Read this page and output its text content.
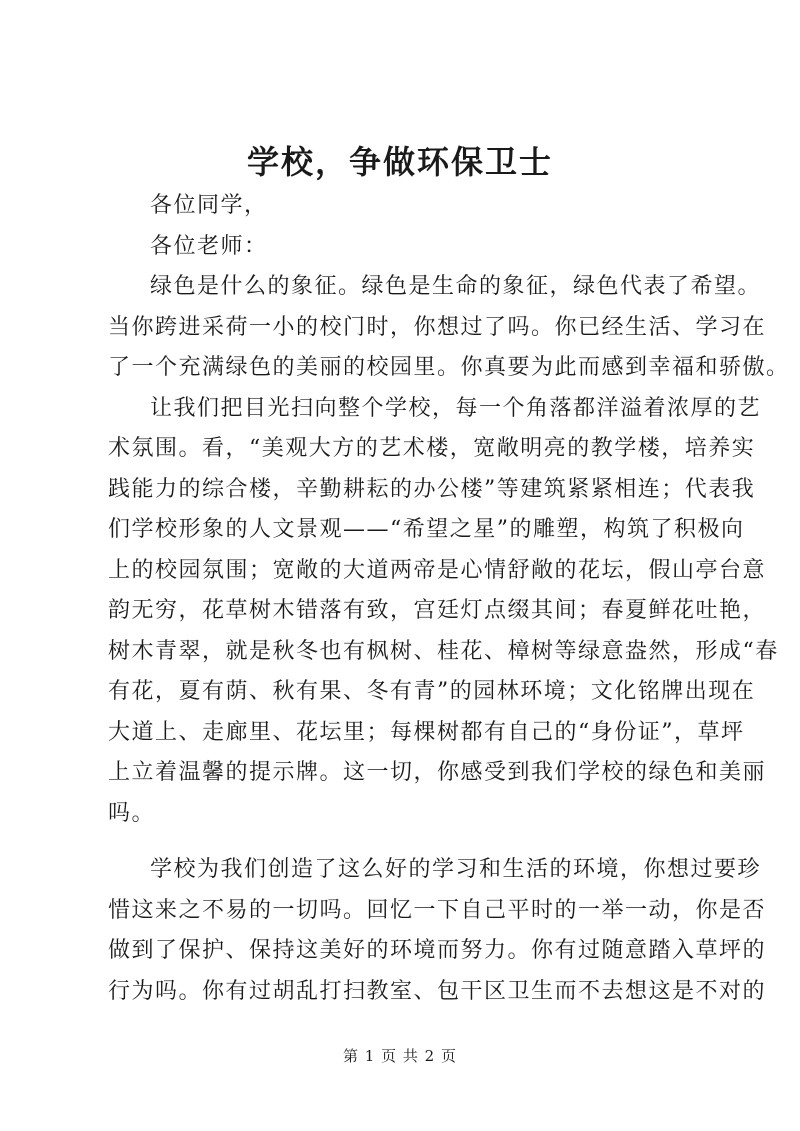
学校，争做环保卫士
各位同学，
各位老师：
绿色是什么的象征。绿色是生命的象征，绿色代表了希望。
当你跨进采荷一小的校门时，你想过了吗。你已经生活、学习在
了一个充满绿色的美丽的校园里。你真要为此而感到幸福和骄傲。
让我们把目光扫向整个学校，每一个角落都洋溢着浓厚的艺
术氛围。看，“美观大方的艺术楼，宽敞明亮的教学楼，培养实
践能力的综合楼，辛勤耕耘的办公楼”等建筑紧紧相连；代表我
们学校形象的人文景观——“希望之星”的雕塑，构筑了积极向
上的校园氛围；宽敞的大道两帝是心情舒敞的花坛，假山亭台意
韵无穷，花草树木错落有致，宫廷灯点缀其间；春夏鲜花吐艳，
树木青翠，就是秋冬也有枫树、桂花、樟树等绿意盎然，形成“春
有花，夏有荫、秋有果、冬有青”的园林环境；文化铭牌出现在
大道上、走廊里、花坛里；每棵树都有自己的“身份证”，草坪
上立着温馨的提示牌。这一切，你感受到我们学校的绿色和美丽
吗。
学校为我们创造了这么好的学习和生活的环境，你想过要珍
惜这来之不易的一切吗。回忆一下自己平时的一举一动，你是否
做到了保护、保持这美好的环境而努力。你有过随意踏入草坪的
行为吗。你有过胡乱打扫教室、包干区卫生而不去想这是不对的
第 1 页 共 2 页
